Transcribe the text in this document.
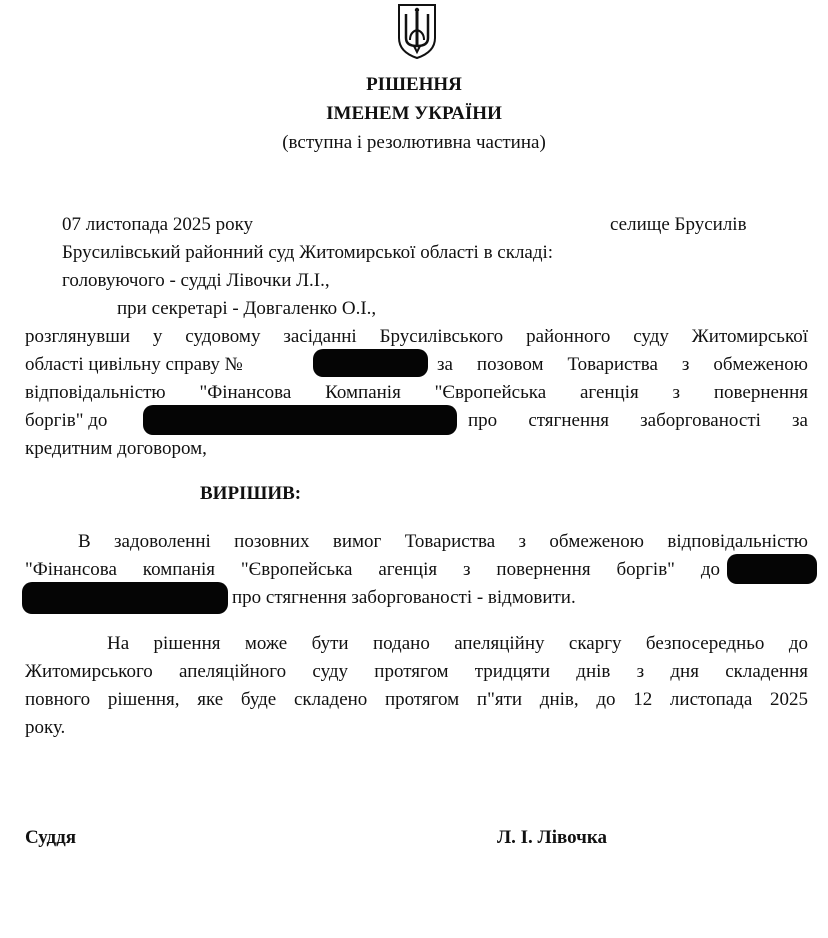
РІШЕННЯ
ІМЕНЕМ УКРАЇНИ
(вступна і резолютивна частина)
07 листопада 2025 року	селище Брусилів
Брусилівський районний суд Житомирської області в складі:
головуючого - судді Лівочки Л.І.,
при секретарі - Довгаленко О.І.,
розглянувши у судовому засіданні Брусилівського районного суду Житомирської
області цивільну справу №	за позовом Товариства з обмеженою
відповідальністю "Фінансова Компанія "Європейська агенція з повернення
боргів" до	про стягнення заборгованості за
кредитним договором,
ВИРІШИВ:
В задоволенні позовних вимог Товариства з обмеженою відповідальністю
"Фінансова компанія "Європейська агенція з повернення боргів" до
про стягнення заборгованості - відмовити.
На рішення може бути подано апеляційну скаргу безпосередньо до
Житомирського апеляційного суду протягом тридцяти днів з дня складення
повного рішення, яке буде складено протягом п"яти днів, до 12 листопада 2025
року.
Суддя	Л. І. Лівочка
